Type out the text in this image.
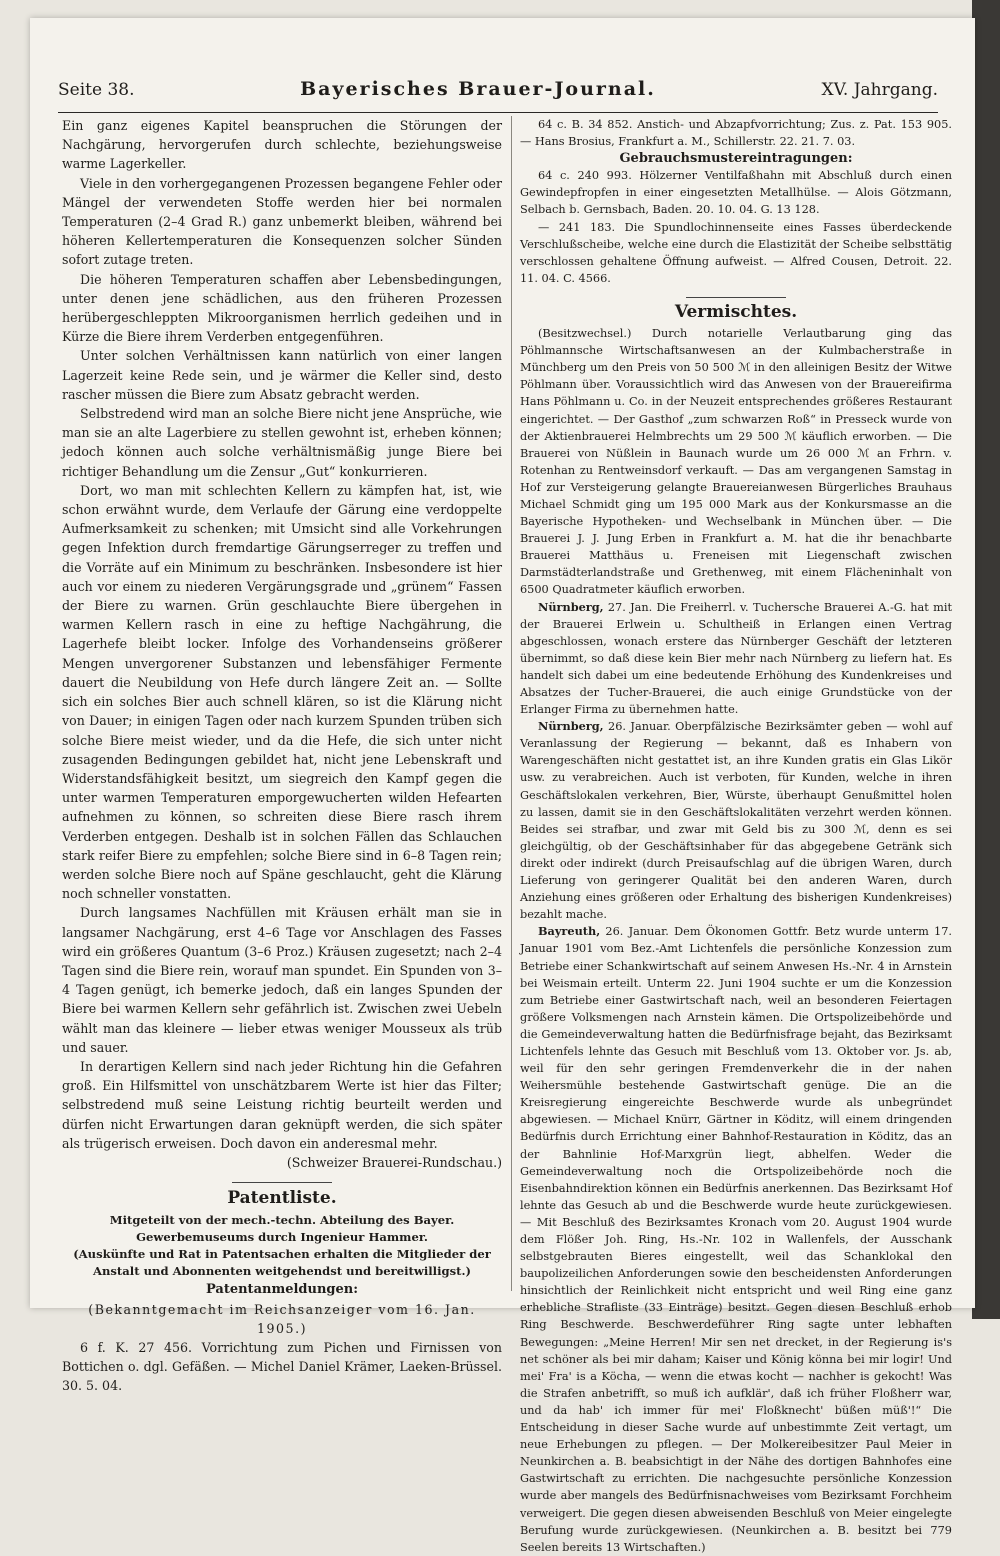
Seite 38.	Bayerisches Brauer-Journal.	XV. Jahrgang.

Ein ganz eigenes Kapitel beanspruchen die Störungen der Nachgärung, hervorgerufen durch schlechte, beziehungsweise warme Lagerkeller.

Viele in den vorhergegangenen Prozessen begangene Fehler oder Mängel der verwendeten Stoffe werden hier bei normalen Temperaturen (2–4 Grad R.) ganz unbemerkt bleiben, während bei höheren Kellertemperaturen die Konsequenzen solcher Sünden sofort zutage treten.

Die höheren Temperaturen schaffen aber Lebensbedingungen, unter denen jene schädlichen, aus den früheren Prozessen herübergeschleppten Mikroorganismen herrlich gedeihen und in Kürze die Biere ihrem Verderben entgegenführen.

Unter solchen Verhältnissen kann natürlich von einer langen Lagerzeit keine Rede sein, und je wärmer die Keller sind, desto rascher müssen die Biere zum Absatz gebracht werden.

Selbstredend wird man an solche Biere nicht jene Ansprüche, wie man sie an alte Lagerbiere zu stellen gewohnt ist, erheben können; jedoch können auch solche verhältnismäßig junge Biere bei richtiger Behandlung um die Zensur „Gut“ konkurrieren.

Dort, wo man mit schlechten Kellern zu kämpfen hat, ist, wie schon erwähnt wurde, dem Verlaufe der Gärung eine verdoppelte Aufmerksamkeit zu schenken; mit Umsicht sind alle Vorkehrungen gegen Infektion durch fremdartige Gärungserreger zu treffen und die Vorräte auf ein Minimum zu beschränken. Insbesondere ist hier auch vor einem zu niederen Vergärungsgrade und „grünem“ Fassen der Biere zu warnen. Grün geschlauchte Biere übergehen in warmen Kellern rasch in eine zu heftige Nachgährung, die Lagerhefe bleibt locker. Infolge des Vorhandenseins größerer Mengen unvergorener Substanzen und lebensfähiger Fermente dauert die Neubildung von Hefe durch längere Zeit an. — Sollte sich ein solches Bier auch schnell klären, so ist die Klärung nicht von Dauer; in einigen Tagen oder nach kurzem Spunden trüben sich solche Biere meist wieder, und da die Hefe, die sich unter nicht zusagenden Bedingungen gebildet hat, nicht jene Lebenskraft und Widerstandsfähigkeit besitzt, um siegreich den Kampf gegen die unter warmen Temperaturen emporgewucherten wilden Hefearten aufnehmen zu können, so schreiten diese Biere rasch ihrem Verderben entgegen. Deshalb ist in solchen Fällen das Schlauchen stark reifer Biere zu empfehlen; solche Biere sind in 6–8 Tagen rein; werden solche Biere noch auf Späne geschlaucht, geht die Klärung noch schneller vonstatten.

Durch langsames Nachfüllen mit Kräusen erhält man sie in langsamer Nachgärung, erst 4–6 Tage vor Anschlagen des Fasses wird ein größeres Quantum (3–6 Proz.) Kräusen zugesetzt; nach 2–4 Tagen sind die Biere rein, worauf man spundet. Ein Spunden von 3–4 Tagen genügt, ich bemerke jedoch, daß ein langes Spunden der Biere bei warmen Kellern sehr gefährlich ist. Zwischen zwei Uebeln wählt man das kleinere — lieber etwas weniger Mousseux als trüb und sauer.

In derartigen Kellern sind nach jeder Richtung hin die Gefahren groß. Ein Hilfsmittel von unschätzbarem Werte ist hier das Filter; selbstredend muß seine Leistung richtig beurteilt werden und dürfen nicht Erwartungen daran geknüpft werden, die sich später als trügerisch erweisen. Doch davon ein anderesmal mehr.

(Schweizer Brauerei-Rundschau.)

Patentliste.

Mitgeteilt von der mech.-techn. Abteilung des Bayer. Gewerbemuseums durch Ingenieur Hammer.

(Auskünfte und Rat in Patentsachen erhalten die Mitglieder der Anstalt und Abonnenten weitgehendst und bereitwilligst.)

Patentanmeldungen:

(Bekanntgemacht im Reichsanzeiger vom 16. Jan. 1905.)

6 f. K. 27 456. Vorrichtung zum Pichen und Firnissen von Bottichen o. dgl. Gefäßen. — Michel Daniel Krämer, Laeken-Brüssel. 30. 5. 04.

64 c. B. 34 852. Anstich- und Abzapfvorrichtung; Zus. z. Pat. 153 905. — Hans Brosius, Frankfurt a. M., Schillerstr. 22. 21. 7. 03.

Gebrauchsmustereintragungen:

64 c. 240 993. Hölzerner Ventilfaßhahn mit Abschluß durch einen Gewindepfropfen in einer eingesetzten Metallhülse. — Alois Götzmann, Selbach b. Gernsbach, Baden. 20. 10. 04. G. 13 128.

— 241 183. Die Spundlochinnenseite eines Fasses überdeckende Verschlußscheibe, welche eine durch die Elastizität der Scheibe selbsttätig verschlossen gehaltene Öffnung aufweist. — Alfred Cousen, Detroit. 22. 11. 04. C. 4566.

Vermischtes.

(Besitzwechsel.) Durch notarielle Verlautbarung ging das Pöhlmannsche Wirtschaftsanwesen an der Kulmbacherstraße in Münchberg um den Preis von 50 500 ℳ in den alleinigen Besitz der Witwe Pöhlmann über. Voraussichtlich wird das Anwesen von der Brauereifirma Hans Pöhlmann u. Co. in der Neuzeit entsprechendes größeres Restaurant eingerichtet. — Der Gasthof „zum schwarzen Roß“ in Presseck wurde von der Aktienbrauerei Helmbrechts um 29 500 ℳ käuflich erworben. — Die Brauerei von Nüßlein in Baunach wurde um 26 000 ℳ an Frhrn. v. Rotenhan zu Rentweinsdorf verkauft. — Das am vergangenen Samstag in Hof zur Versteigerung gelangte Brauereianwesen Bürgerliches Brauhaus Michael Schmidt ging um 195 000 Mark aus der Konkursmasse an die Bayerische Hypotheken- und Wechselbank in München über. — Die Brauerei J. J. Jung Erben in Frankfurt a. M. hat die ihr benachbarte Brauerei Matthäus u. Freneisen mit Liegenschaft zwischen Darmstädterlandstraße und Grethenweg, mit einem Flächeninhalt von 6500 Quadratmeter käuflich erworben.

Nürnberg, 27. Jan. Die Freiherrl. v. Tuchersche Brauerei A.-G. hat mit der Brauerei Erlwein u. Schultheiß in Erlangen einen Vertrag abgeschlossen, wonach erstere das Nürnberger Geschäft der letzteren übernimmt, so daß diese kein Bier mehr nach Nürnberg zu liefern hat. Es handelt sich dabei um eine bedeutende Erhöhung des Kundenkreises und Absatzes der Tucher-Brauerei, die auch einige Grundstücke von der Erlanger Firma zu übernehmen hatte.

Nürnberg, 26. Januar. Oberpfälzische Bezirksämter geben — wohl auf Veranlassung der Regierung — bekannt, daß es Inhabern von Warengeschäften nicht gestattet ist, an ihre Kunden gratis ein Glas Likör usw. zu verabreichen. Auch ist verboten, für Kunden, welche in ihren Geschäftslokalen verkehren, Bier, Würste, überhaupt Genußmittel holen zu lassen, damit sie in den Geschäftslokalitäten verzehrt werden können. Beides sei strafbar, und zwar mit Geld bis zu 300 ℳ, denn es sei gleichgültig, ob der Geschäftsinhaber für das abgegebene Getränk sich direkt oder indirekt (durch Preisaufschlag auf die übrigen Waren, durch Lieferung von geringerer Qualität bei den anderen Waren, durch Anziehung eines größeren oder Erhaltung des bisherigen Kundenkreises) bezahlt mache.

Bayreuth, 26. Januar. Dem Ökonomen Gottfr. Betz wurde unterm 17. Januar 1901 vom Bez.-Amt Lichtenfels die persönliche Konzession zum Betriebe einer Schankwirtschaft auf seinem Anwesen Hs.-Nr. 4 in Arnstein bei Weismain erteilt. Unterm 22. Juni 1904 suchte er um die Konzession zum Betriebe einer Gastwirtschaft nach, weil an besonderen Feiertagen größere Volksmengen nach Arnstein kämen. Die Ortspolizeibehörde und die Gemeindeverwaltung hatten die Bedürfnisfrage bejaht, das Bezirksamt Lichtenfels lehnte das Gesuch mit Beschluß vom 13. Oktober vor. Js. ab, weil für den sehr geringen Fremdenverkehr die in der nahen Weihersmühle bestehende Gastwirtschaft genüge. Die an die Kreisregierung eingereichte Beschwerde wurde als unbegründet abgewiesen. — Michael Knürr, Gärtner in Köditz, will einem dringenden Bedürfnis durch Errichtung einer Bahnhof-Restauration in Köditz, das an der Bahnlinie Hof-Marxgrün liegt, abhelfen. Weder die Gemeindeverwaltung noch die Ortspolizeibehörde noch die Eisenbahndirektion können ein Bedürfnis anerkennen. Das Bezirksamt Hof lehnte das Gesuch ab und die Beschwerde wurde heute zurückgewiesen. — Mit Beschluß des Bezirksamtes Kronach vom 20. August 1904 wurde dem Flößer Joh. Ring, Hs.-Nr. 102 in Wallenfels, der Ausschank selbstgebrauten Bieres eingestellt, weil das Schanklokal den baupolizeilichen Anforderungen sowie den bescheidensten Anforderungen hinsichtlich der Reinlichkeit nicht entspricht und weil Ring eine ganz erhebliche Strafliste (33 Einträge) besitzt. Gegen diesen Beschluß erhob Ring Beschwerde. Beschwerdeführer Ring sagte unter lebhaften Bewegungen: „Meine Herren! Mir sen net drecket, in der Regierung is's net schöner als bei mir daham; Kaiser und König könna bei mir logir! Und mei' Fra' is a Köcha, — wenn die etwas kocht — nachher is gekocht! Was die Strafen anbetrifft, so muß ich aufklär', daß ich früher Floßherr war, und da hab' ich immer für mei' Floßknecht' büßen müß'!“ Die Entscheidung in dieser Sache wurde auf unbestimmte Zeit vertagt, um neue Erhebungen zu pflegen. — Der Molkereibesitzer Paul Meier in Neunkirchen a. B. beabsichtigt in der Nähe des dortigen Bahnhofes eine Gastwirtschaft zu errichten. Die nachgesuchte persönliche Konzession wurde aber mangels des Bedürfnisnachweises vom Bezirksamt Forchheim verweigert. Die gegen diesen abweisenden Beschluß von Meier eingelegte Berufung wurde zurückgewiesen. (Neunkirchen a. B. besitzt bei 779 Seelen bereits 13 Wirtschaften.)
